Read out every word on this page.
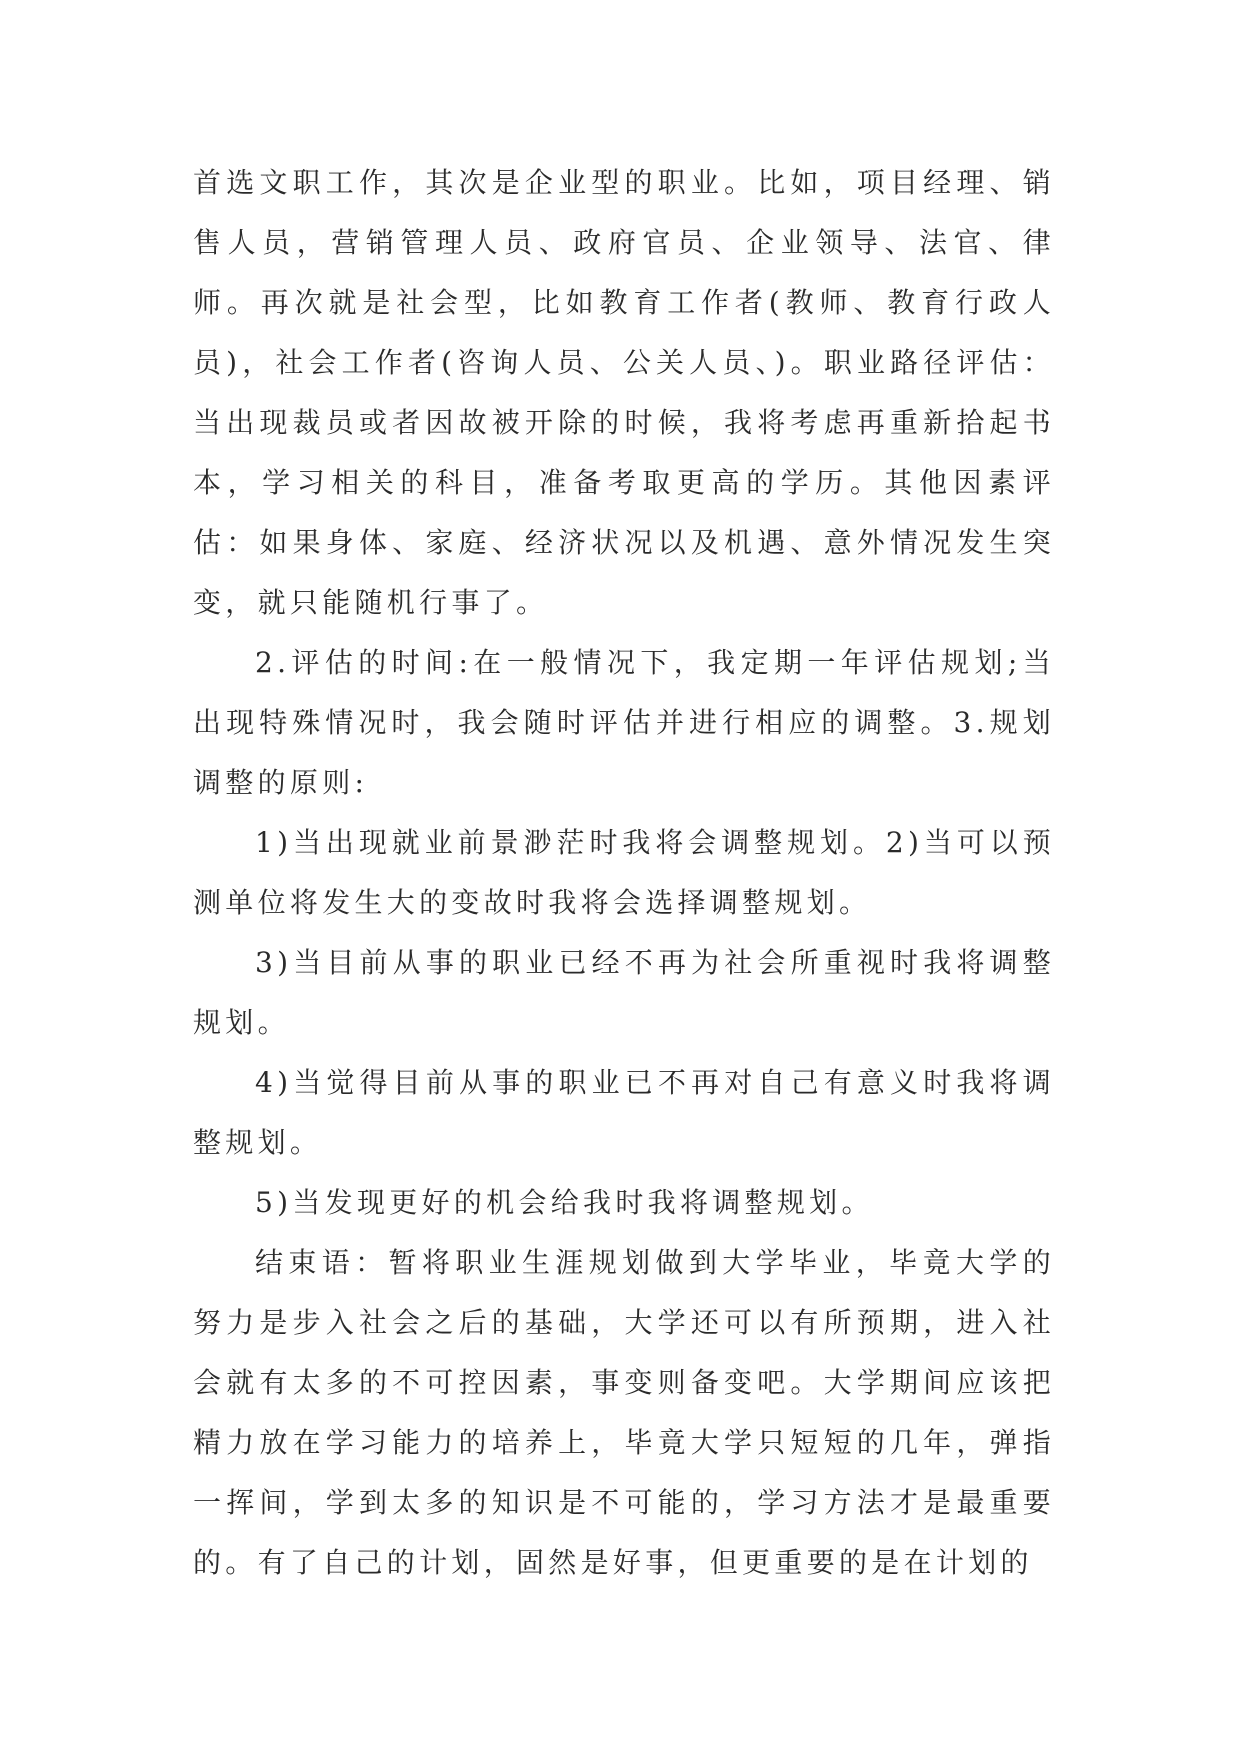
首选文职工作，其次是企业型的职业。比如，项目经理、销售人员，营销管理人员、政府官员、企业领导、法官、律师。再次就是社会型，比如教育工作者(教师、教育行政人员)，社会工作者(咨询人员、公关人员、)。职业路径评估：当出现裁员或者因故被开除的时候，我将考虑再重新拾起书本，学习相关的科目，准备考取更高的学历。其他因素评估：如果身体、家庭、经济状况以及机遇、意外情况发生突变，就只能随机行事了。

2.评估的时间:在一般情况下，我定期一年评估规划;当出现特殊情况时，我会随时评估并进行相应的调整。3.规划调整的原则:

1)当出现就业前景渺茫时我将会调整规划。2)当可以预测单位将发生大的变故时我将会选择调整规划。

3)当目前从事的职业已经不再为社会所重视时我将调整规划。

4)当觉得目前从事的职业已不再对自己有意义时我将调整规划。

5)当发现更好的机会给我时我将调整规划。

结束语：暂将职业生涯规划做到大学毕业，毕竟大学的努力是步入社会之后的基础，大学还可以有所预期，进入社会就有太多的不可控因素，事变则备变吧。大学期间应该把精力放在学习能力的培养上，毕竟大学只短短的几年，弹指一挥间，学到太多的知识是不可能的，学习方法才是最重要的。有了自己的计划，固然是好事，但更重要的是在计划的
